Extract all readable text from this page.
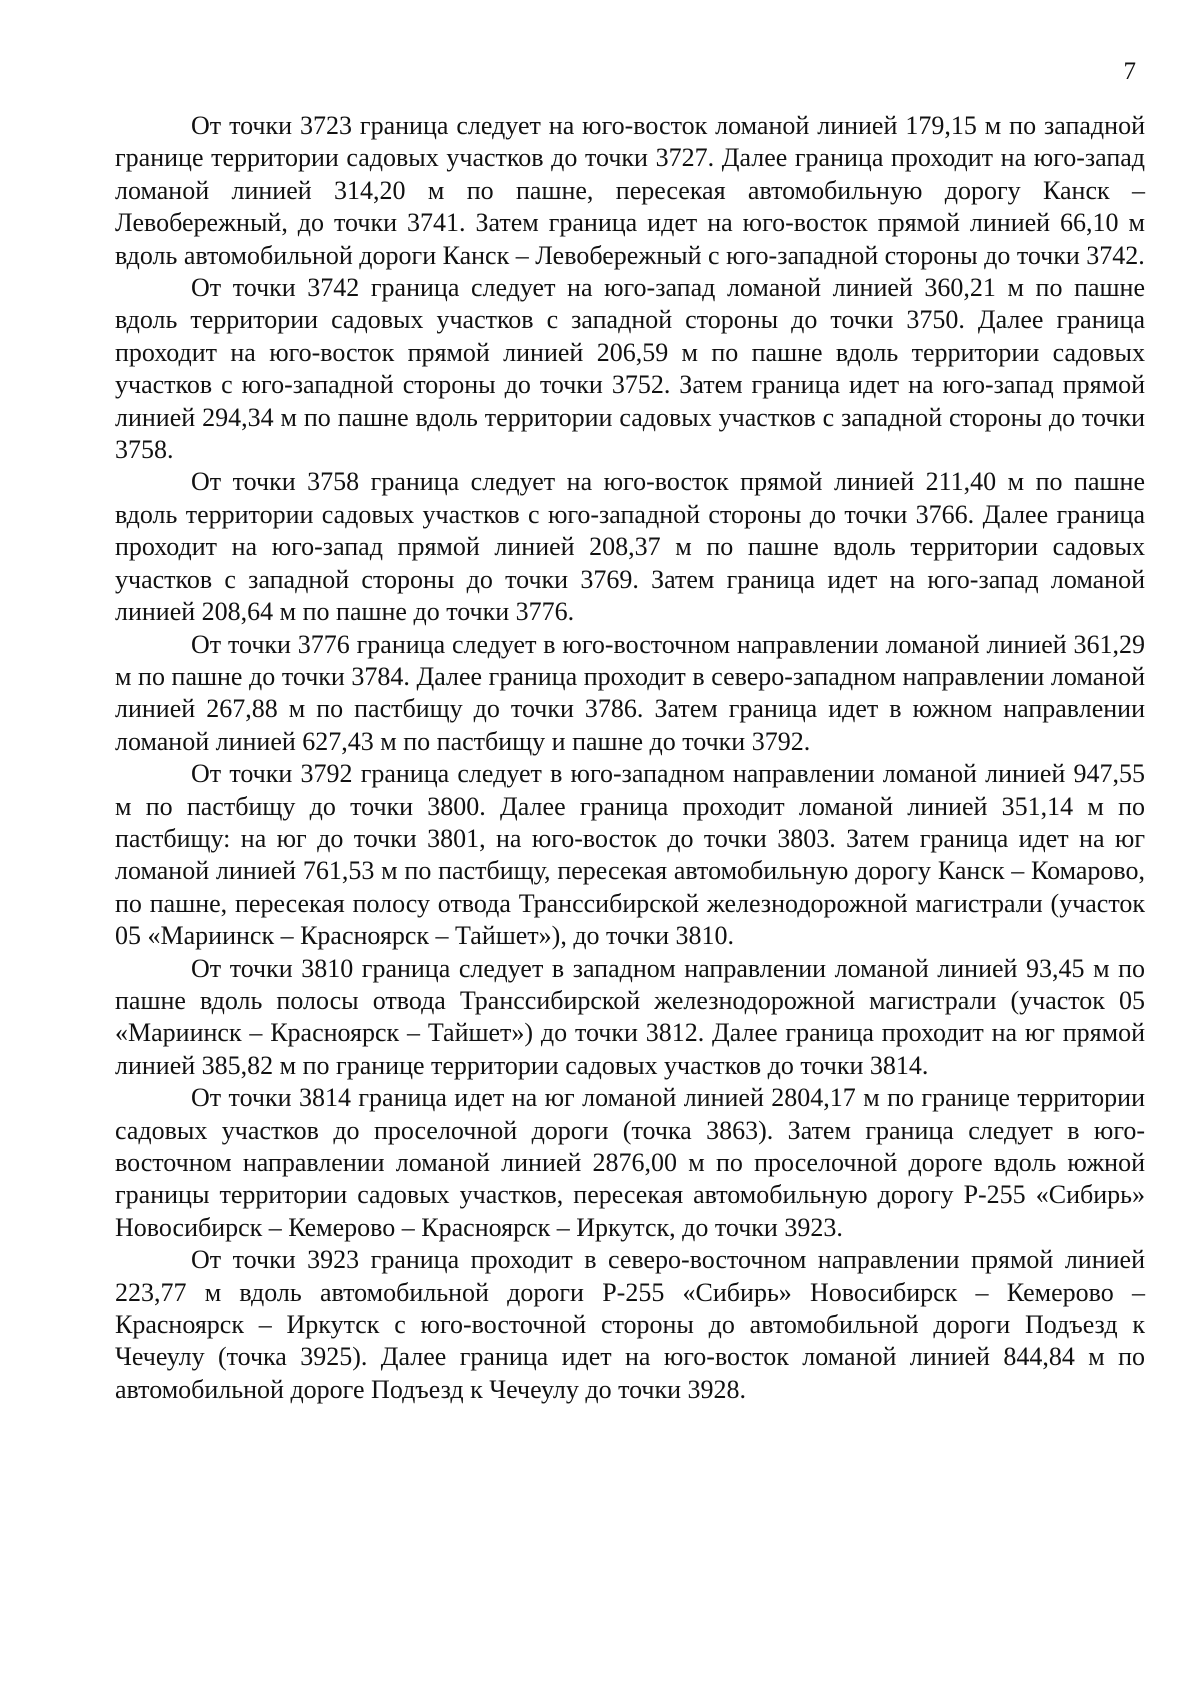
7

От точки 3723 граница следует на юго-восток ломаной линией 179,15 м по западной границе территории садовых участков до точки 3727. Далее граница проходит на юго-запад ломаной линией 314,20 м по пашне, пересекая автомобильную дорогу Канск – Левобережный, до точки 3741. Затем граница идет на юго-восток прямой линией 66,10 м вдоль автомобильной дороги Канск – Левобережный с юго-западной стороны до точки 3742.

От точки 3742 граница следует на юго-запад ломаной линией 360,21 м по пашне вдоль территории садовых участков с западной стороны до точки 3750. Далее граница проходит на юго-восток прямой линией 206,59 м по пашне вдоль территории садовых участков с юго-западной стороны до точки 3752. Затем граница идет на юго-запад прямой линией 294,34 м по пашне вдоль территории садовых участков с западной стороны до точки 3758.

От точки 3758 граница следует на юго-восток прямой линией 211,40 м по пашне вдоль территории садовых участков с юго-западной стороны до точки 3766. Далее граница проходит на юго-запад прямой линией 208,37 м по пашне вдоль территории садовых участков с западной стороны до точки 3769. Затем граница идет на юго-запад ломаной линией 208,64 м по пашне до точки 3776.

От точки 3776 граница следует в юго-восточном направлении ломаной линией 361,29 м по пашне до точки 3784. Далее граница проходит в северо-западном направлении ломаной линией 267,88 м по пастбищу до точки 3786. Затем граница идет в южном направлении ломаной линией 627,43 м по пастбищу и пашне до точки 3792.

От точки 3792 граница следует в юго-западном направлении ломаной линией 947,55 м по пастбищу до точки 3800. Далее граница проходит ломаной линией 351,14 м по пастбищу: на юг до точки 3801, на юго-восток до точки 3803. Затем граница идет на юг ломаной линией 761,53 м по пастбищу, пересекая автомобильную дорогу Канск – Комарово, по пашне, пересекая полосу отвода Транссибирской железнодорожной магистрали (участок 05 «Мариинск – Красноярск – Тайшет»), до точки 3810.

От точки 3810 граница следует в западном направлении ломаной линией 93,45 м по пашне вдоль полосы отвода Транссибирской железнодорожной магистрали (участок 05 «Мариинск – Красноярск – Тайшет») до точки 3812. Далее граница проходит на юг прямой линией 385,82 м по границе территории садовых участков до точки 3814.

От точки 3814 граница идет на юг ломаной линией 2804,17 м по границе территории садовых участков до проселочной дороги (точка 3863). Затем граница следует в юго-восточном направлении ломаной линией 2876,00 м по проселочной дороге вдоль южной границы территории садовых участков, пересекая автомобильную дорогу Р-255 «Сибирь» Новосибирск – Кемерово – Красноярск – Иркутск, до точки 3923.

От точки 3923 граница проходит в северо-восточном направлении прямой линией 223,77 м вдоль автомобильной дороги Р-255 «Сибирь» Новосибирск – Кемерово – Красноярск – Иркутск с юго-восточной стороны до автомобильной дороги Подъезд к Чечеулу (точка 3925). Далее граница идет на юго-восток ломаной линией 844,84 м по автомобильной дороге Подъезд к Чечеулу до точки 3928.
